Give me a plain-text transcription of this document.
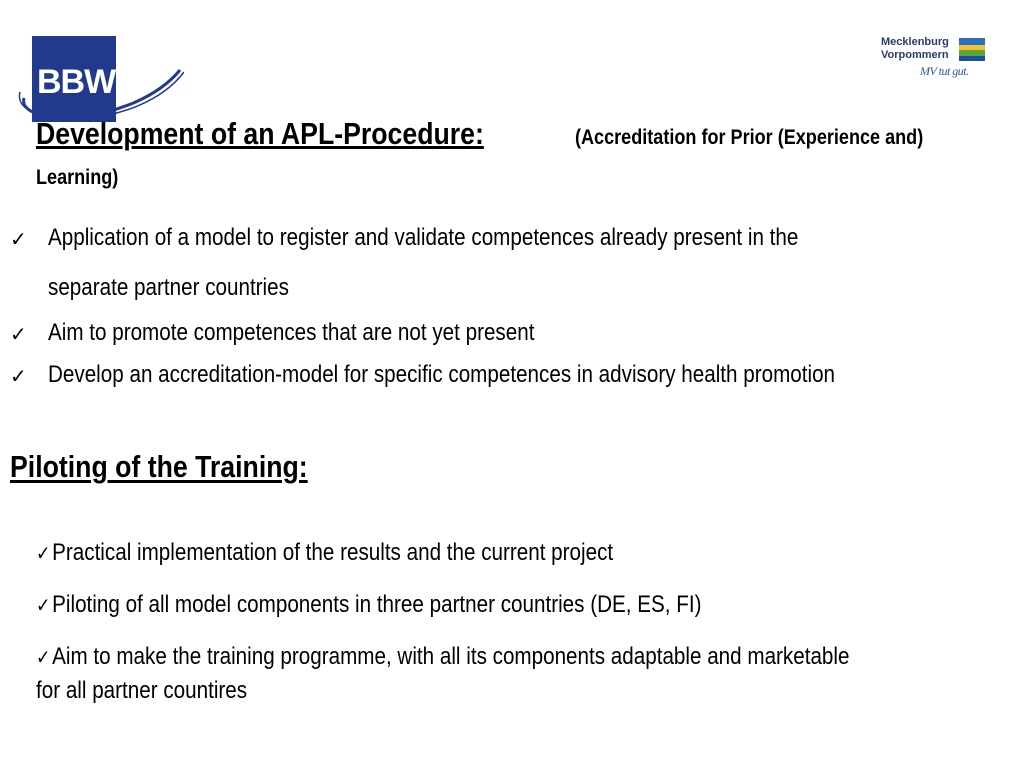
BBW
Mecklenburg
Vorpommern
MV tut gut.
Development of an APL-Procedure:	(Accreditation for Prior (Experience and)
Learning)
✓ Application of a model to register and validate competences already present in the
separate partner countries
✓ Aim to promote competences that are not yet present
✓ Develop an accreditation-model for specific competences in advisory health promotion
Piloting of the Training:
✓Practical implementation of the results and the current project
✓Piloting of all model components in three partner countries (DE, ES, FI)
✓Aim to make the training programme, with all its components adaptable and marketable
for all partner countires
